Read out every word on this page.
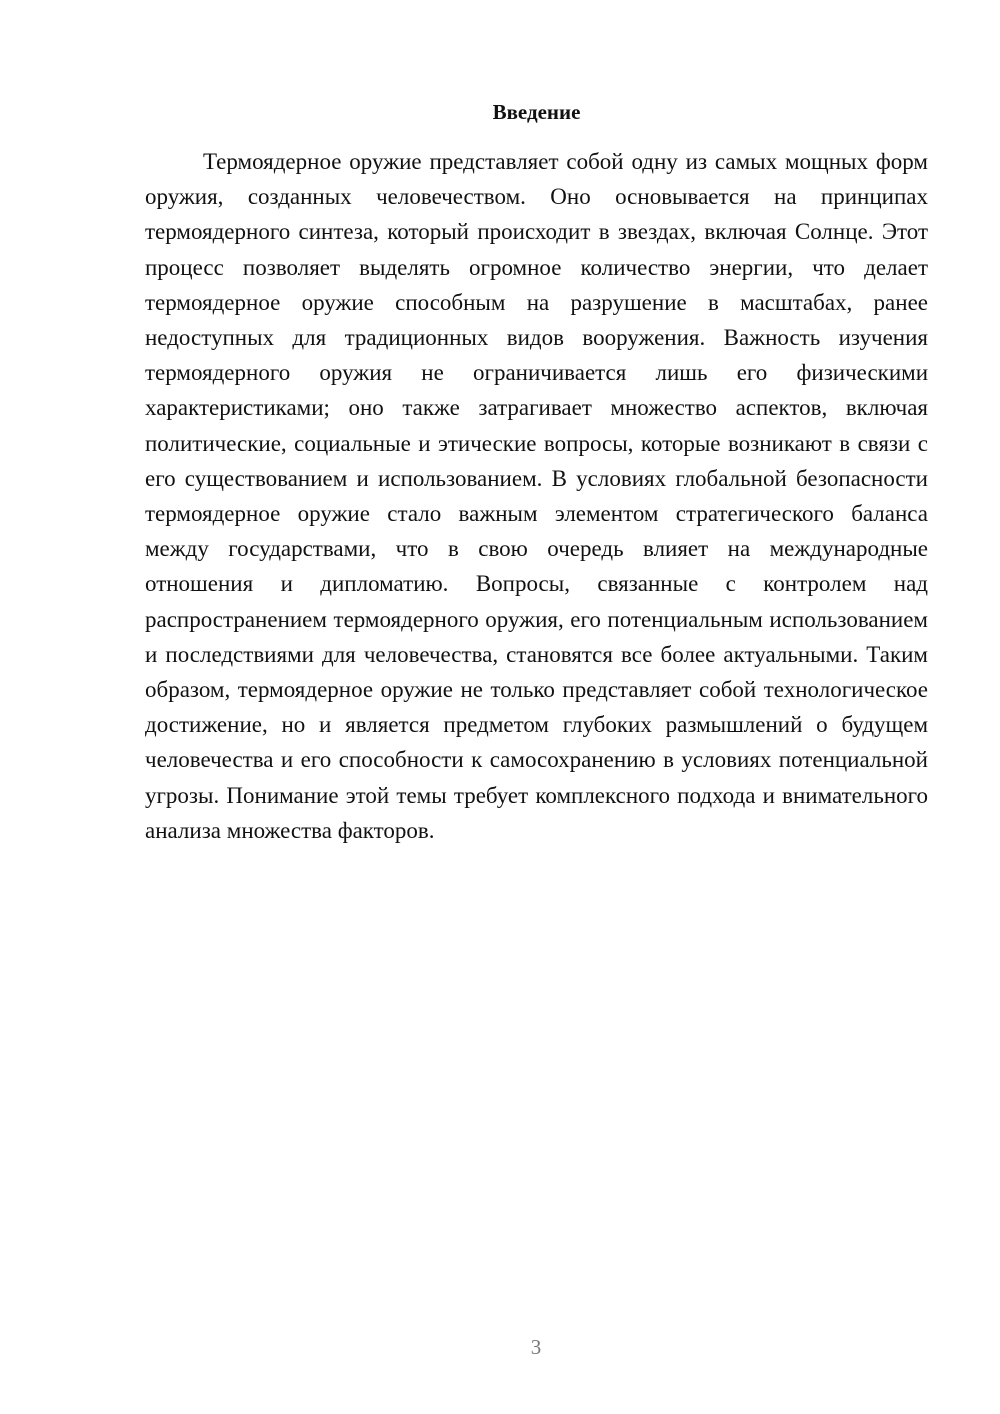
Введение

Термоядерное оружие представляет собой одну из самых мощных форм оружия, созданных человечеством. Оно основывается на принципах термоядерного синтеза, который происходит в звездах, включая Солнце. Этот процесс позволяет выделять огромное количество энергии, что делает термоядерное оружие способным на разрушение в масштабах, ранее недоступных для традиционных видов вооружения. Важность изучения термоядерного оружия не ограничивается лишь его физическими характеристиками; оно также затрагивает множество аспектов, включая политические, социальные и этические вопросы, которые возникают в связи с его существованием и использованием. В условиях глобальной безопасности термоядерное оружие стало важным элементом стратегического баланса между государствами, что в свою очередь влияет на международные отношения и дипломатию. Вопросы, связанные с контролем над распространением термоядерного оружия, его потенциальным использованием и последствиями для человечества, становятся все более актуальными. Таким образом, термоядерное оружие не только представляет собой технологическое достижение, но и является предметом глубоких размышлений о будущем человечества и его способности к самосохранению в условиях потенциальной угрозы. Понимание этой темы требует комплексного подхода и внимательного анализа множества факторов.

3
